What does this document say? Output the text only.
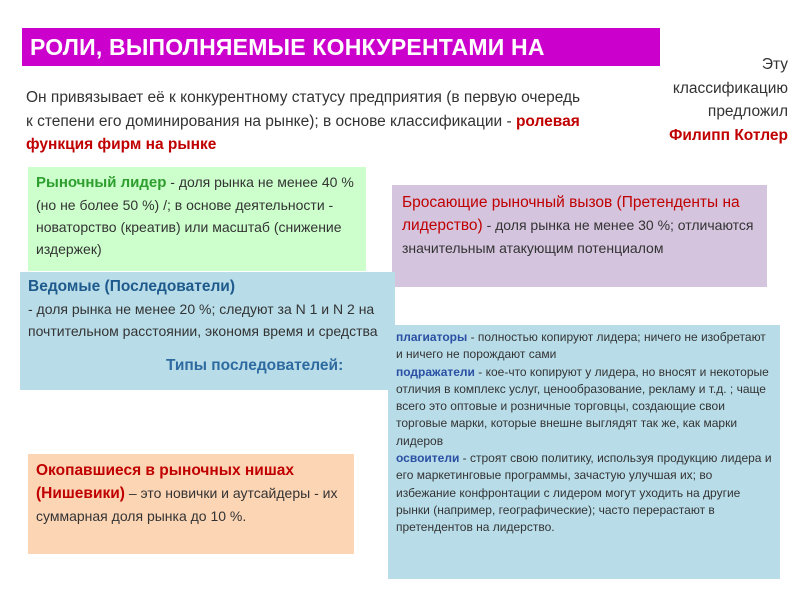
РОЛИ, ВЫПОЛНЯЕМЫЕ КОНКУРЕНТАМИ НА
Эту
классификацию
предложил
Филипп Котлер
Он привязывает её к конкурентному статусу предприятия (в первую очередь к степени его доминирования на рынке); в основе классификации - ролевая функция фирм на рынке
Бросающие рыночный вызов (Претенденты на лидерство) - доля рынка не менее 30 %; отличаются значительным атакующим потенциалом
Рыночный лидер - доля рынка не менее 40 % (но не более 50 %) /; в основе деятельности - новаторство (креатив) или масштаб (снижение издержек)
Ведомые (Последователи)
- доля рынка не менее 20 %; следуют за N 1 и N 2 на почтительном расстоянии, экономя время и средства
Типы последователей:

плагиаторы - полностью копируют лидера; ничего не изобретают и ничего не порождают сами

подражатели - кое-что копируют у лидера, но вносят и некоторые отличия в комплекс услуг, ценообразование, рекламу и т.д. ; чаще всего это оптовые и розничные торговцы, создающие свои торговые марки, которые внешне выглядят так же, как марки лидеров

освоители - строят свою политику, используя продукцию лидера и его маркетинговые программы, зачастую улучшая их; во избежание конфронтации с лидером могут уходить на другие рынки (например, географические); часто перерастают в претендентов на лидерство.

Окопавшиеся в рыночных нишах (Нишевики) – это новички и аутсайдеры - их суммарная доля рынка до 10 %.
